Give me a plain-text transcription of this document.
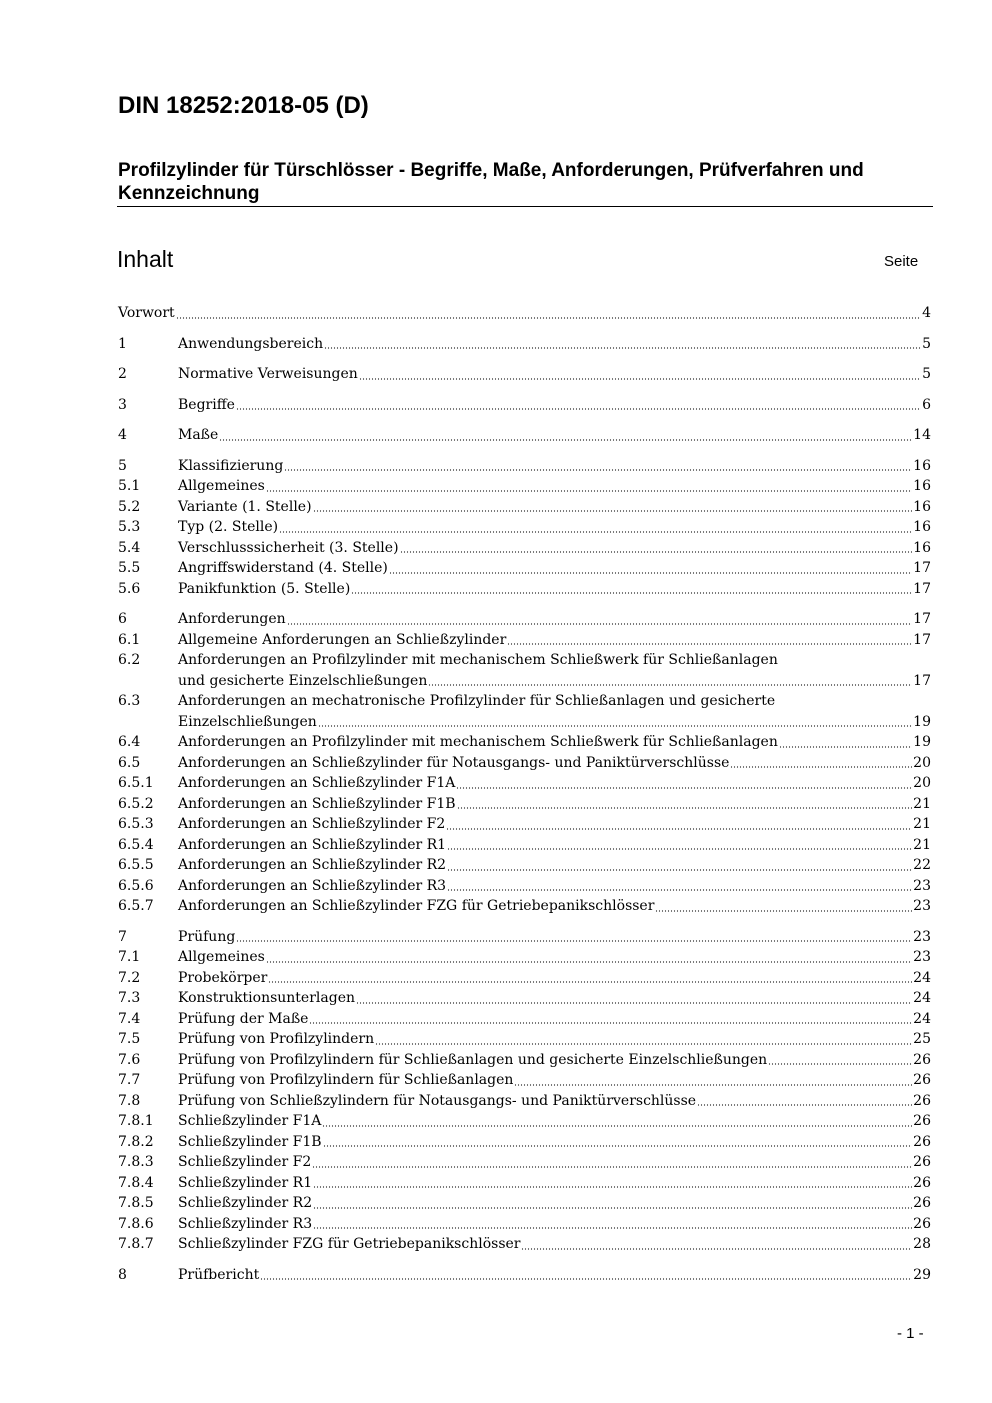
DIN 18252:2018-05 (D)
Profilzylinder für Türschlösser - Begriffe, Maße, Anforderungen, Prüfverfahren und Kennzeichnung
Inhalt	Seite
Vorwort	4
1	Anwendungsbereich	5
2	Normative Verweisungen	5
3	Begriffe	6
4	Maße	14
5	Klassifizierung	16
5.1	Allgemeines	16
5.2	Variante (1. Stelle)	16
5.3	Typ (2. Stelle)	16
5.4	Verschlusssicherheit (3. Stelle)	16
5.5	Angriffswiderstand (4. Stelle)	17
5.6	Panikfunktion (5. Stelle)	17
6	Anforderungen	17
6.1	Allgemeine Anforderungen an Schließzylinder	17
6.2	Anforderungen an Profilzylinder mit mechanischem Schließwerk für Schließanlagen
und gesicherte Einzelschließungen	17
6.3	Anforderungen an mechatronische Profilzylinder für Schließanlagen und gesicherte
Einzelschließungen	19
6.4	Anforderungen an Profilzylinder mit mechanischem Schließwerk für Schließanlagen	19
6.5	Anforderungen an Schließzylinder für Notausgangs- und Paniktürverschlüsse	20
6.5.1	Anforderungen an Schließzylinder F1A	20
6.5.2	Anforderungen an Schließzylinder F1B	21
6.5.3	Anforderungen an Schließzylinder F2	21
6.5.4	Anforderungen an Schließzylinder R1	21
6.5.5	Anforderungen an Schließzylinder R2	22
6.5.6	Anforderungen an Schließzylinder R3	23
6.5.7	Anforderungen an Schließzylinder FZG für Getriebepanikschlösser	23
7	Prüfung	23
7.1	Allgemeines	23
7.2	Probekörper	24
7.3	Konstruktionsunterlagen	24
7.4	Prüfung der Maße	24
7.5	Prüfung von Profilzylindern	25
7.6	Prüfung von Profilzylindern für Schließanlagen und gesicherte Einzelschließungen	26
7.7	Prüfung von Profilzylindern für Schließanlagen	26
7.8	Prüfung von Schließzylindern für Notausgangs- und Paniktürverschlüsse	26
7.8.1	Schließzylinder F1A	26
7.8.2	Schließzylinder F1B	26
7.8.3	Schließzylinder F2	26
7.8.4	Schließzylinder R1	26
7.8.5	Schließzylinder R2	26
7.8.6	Schließzylinder R3	26
7.8.7	Schließzylinder FZG für Getriebepanikschlösser	28
8	Prüfbericht	29
- 1 -
